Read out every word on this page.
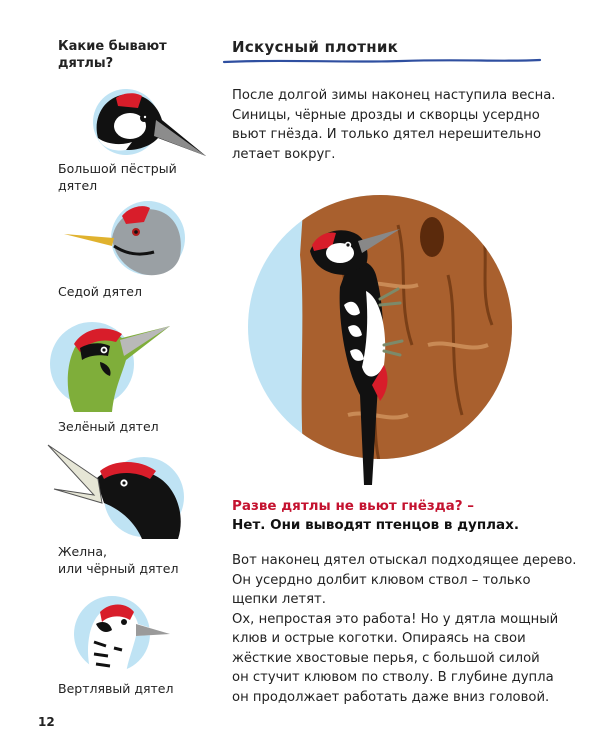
Какие бывают дятлы?
Большой пёстрый
дятел
Седой дятел
Зелёный дятел
Желна,
или чёрный дятел
Вертлявый дятел
Искусный плотник
После долгой зимы наконец наступила весна.
Синицы, чёрные дрозды и скворцы усердно
вьют гнёзда. И только дятел нерешительно
летает вокруг.
Разве дятлы не вьют гнёзда? –
Нет. Они выводят птенцов в дуплах.
Вот наконец дятел отыскал подходящее дерево.
Он усердно долбит клювом ствол – только
щепки летят.
Ох, непростая это работа! Но у дятла мощный
клюв и острые коготки. Опираясь на свои
жёсткие хвостовые перья, с большой силой
он стучит клювом по стволу. В глубине дупла
он продолжает работать даже вниз головой.
12
